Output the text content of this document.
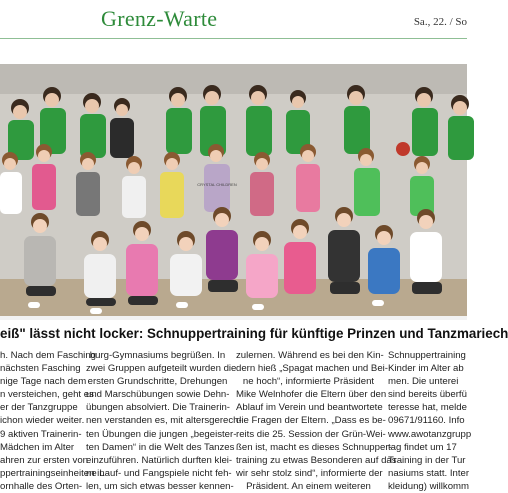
Grenz-Warte	Sa., 22. / So
CRYSTAL CHILDREN
eiß" lässt nicht locker: Schnuppertraining für künftige Prinzen und Tanzmariech
h. Nach dem Fasching
nächsten Fasching
nige Tage nach dem
n versteichen, geht es
er der Tanzgruppe
ichon wieder weiter.
9 aktiven Trainerin-
Mädchen im Alter
ahren zur ersten von
ppertrainingseinheiten in
ornhalle des Orten-
burg-Gymnasiums begrüßen. In
zwei Gruppen aufgeteilt wurden die
ersten Grundschritte, Drehungen
und Marschübungen sowie Dehn-
übungen absolviert. Die Trainerin-
nen verstanden es, mit altersgerech-
ten Übungen die jungen „begeister-
ten Damen“ in die Welt des Tanzes
einzuführen. Natürlich durften klei-
ne Lauf- und Fangspiele nicht feh-
len, um sich etwas besser kennen-
zulernen. Während es bei den Kin-
dern hieß „Spagat machen und Bei-
ne hoch“, informierte Präsident
Mike Welnhofer die Eltern über den
Ablauf im Verein und beantwortete
die Fragen der Eltern. „Dass es be-
reits die 25. Session der Grün-Wei-
ßen ist, macht es dieses Schnupper-
training zu etwas Besonderen auf das
wir sehr stolz sind“, informierte der
Präsident. An einem weiteren
Schnuppertraining
Kinder im Alter ab
men. Die unterei
sind bereits überfü
teresse hat, melde
09671/91160. Info
www.awotanzgrupp
tag findet um 17
Training in der Tur
nasiums statt. Inter
kleidung) willkomm
